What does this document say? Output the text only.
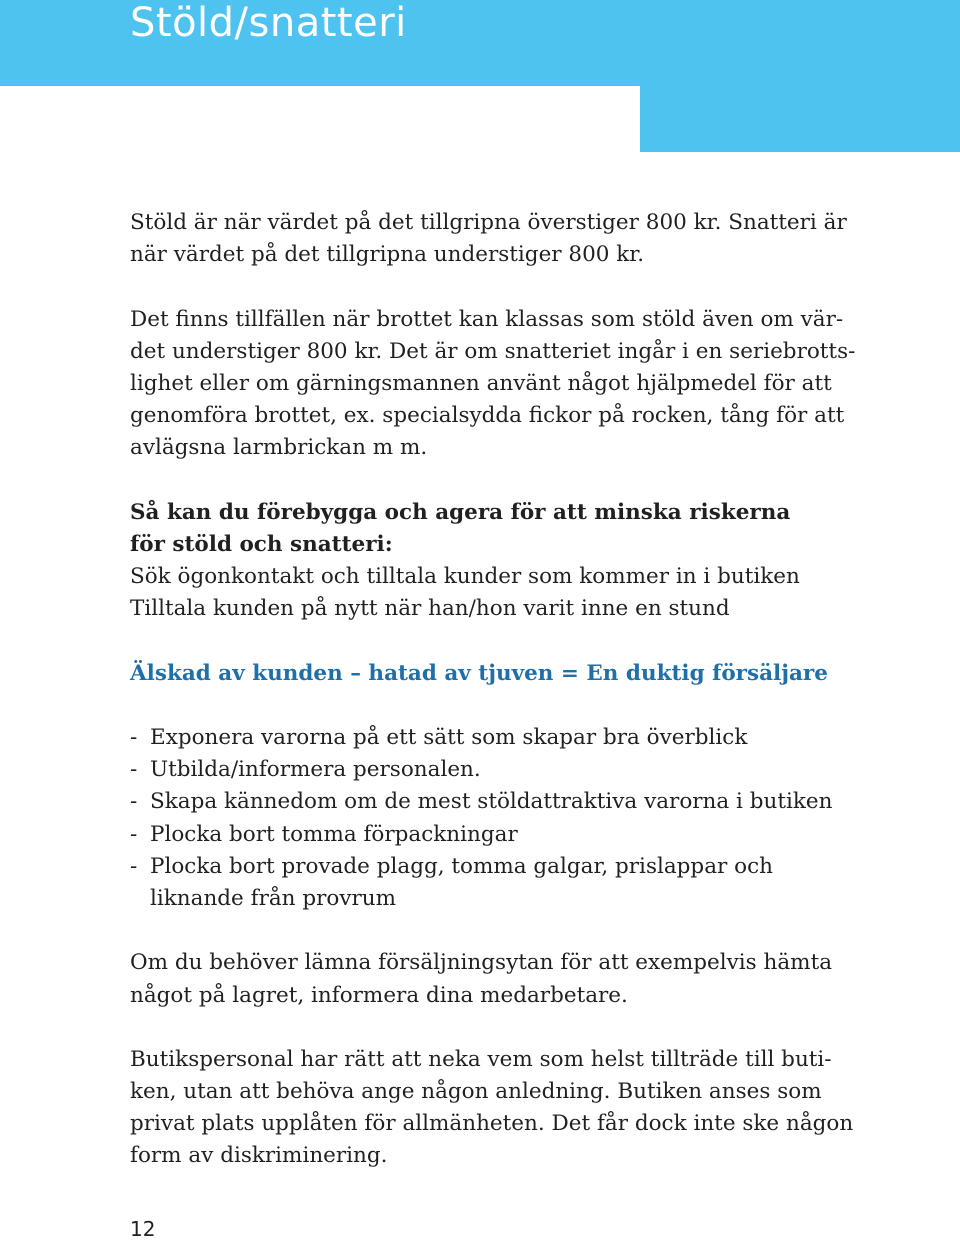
Stöld/snatteri

Stöld är när värdet på det tillgripna överstiger 800 kr. Snatteri är
när värdet på det tillgripna understiger 800 kr.

Det finns tillfällen när brottet kan klassas som stöld även om vär-
det understiger 800 kr. Det är om snatteriet ingår i en seriebrotts-
lighet eller om gärningsmannen använt något hjälpmedel för att
genomföra brottet, ex. specialsydda fickor på rocken, tång för att
avlägsna larmbrickan m m.

Så kan du förebygga och agera för att minska riskerna
för stöld och snatteri:
Sök ögonkontakt och tilltala kunder som kommer in i butiken
Tilltala kunden på nytt när han/hon varit inne en stund

Älskad av kunden – hatad av tjuven = En duktig försäljare

- Exponera varorna på ett sätt som skapar bra överblick
- Utbilda/informera personalen.
- Skapa kännedom om de mest stöldattraktiva varorna i butiken
- Plocka bort tomma förpackningar
- Plocka bort provade plagg, tomma galgar, prislappar och
liknande från provrum

Om du behöver lämna försäljningsytan för att exempelvis hämta
något på lagret, informera dina medarbetare.

Butikspersonal har rätt att neka vem som helst tillträde till buti-
ken, utan att behöva ange någon anledning. Butiken anses som
privat plats upplåten för allmänheten. Det får dock inte ske någon
form av diskriminering.

12
